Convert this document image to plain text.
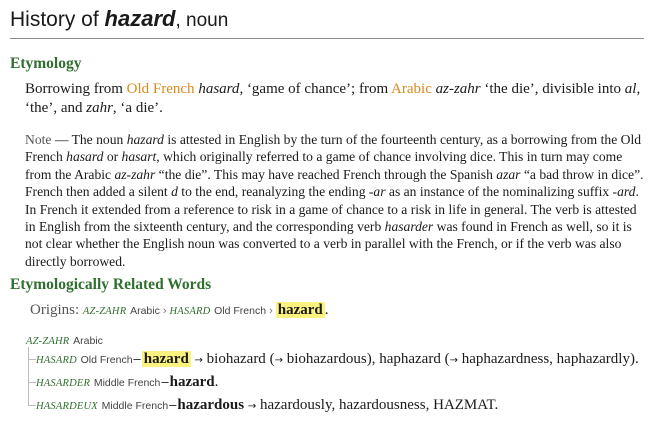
History of hazard, noun
Etymology
Borrowing from Old French hasard, ‘game of chance’; from Arabic az-zahr ‘the die’, divisible into al, ‘the’, and zahr, ‘a die’.
Note — The noun hazard is attested in English by the turn of the fourteenth century, as a borrowing from the Old French hasard or hasart, which originally referred to a game of chance involving dice. This in turn may come from the Arabic az-zahr “the die”. This may have reached French through the Spanish azar “a bad throw in dice”. French then added a silent d to the end, reanalyzing the ending -ar as an instance of the nominalizing suffix -ard. In French it extended from a reference to risk in a game of chance to a risk in life in general. The verb is attested in English from the sixteenth century, and the corresponding verb hasarder was found in French as well, so it is not clear whether the English noun was converted to a verb in parallel with the French, or if the verb was also directly borrowed.
Etymologically Related Words
Origins: AZ-ZAHR Arabic › HASARD Old French › hazard .
AZ-ZAHR Arabic
HASARD Old French– hazard → biohazard (→ biohazardous), haphazard (→ haphazardness, haphazardly).
HASARDER Middle French–hazard.
HASARDEUX Middle French–hazardous → hazardously, hazardousness, HAZMAT.
